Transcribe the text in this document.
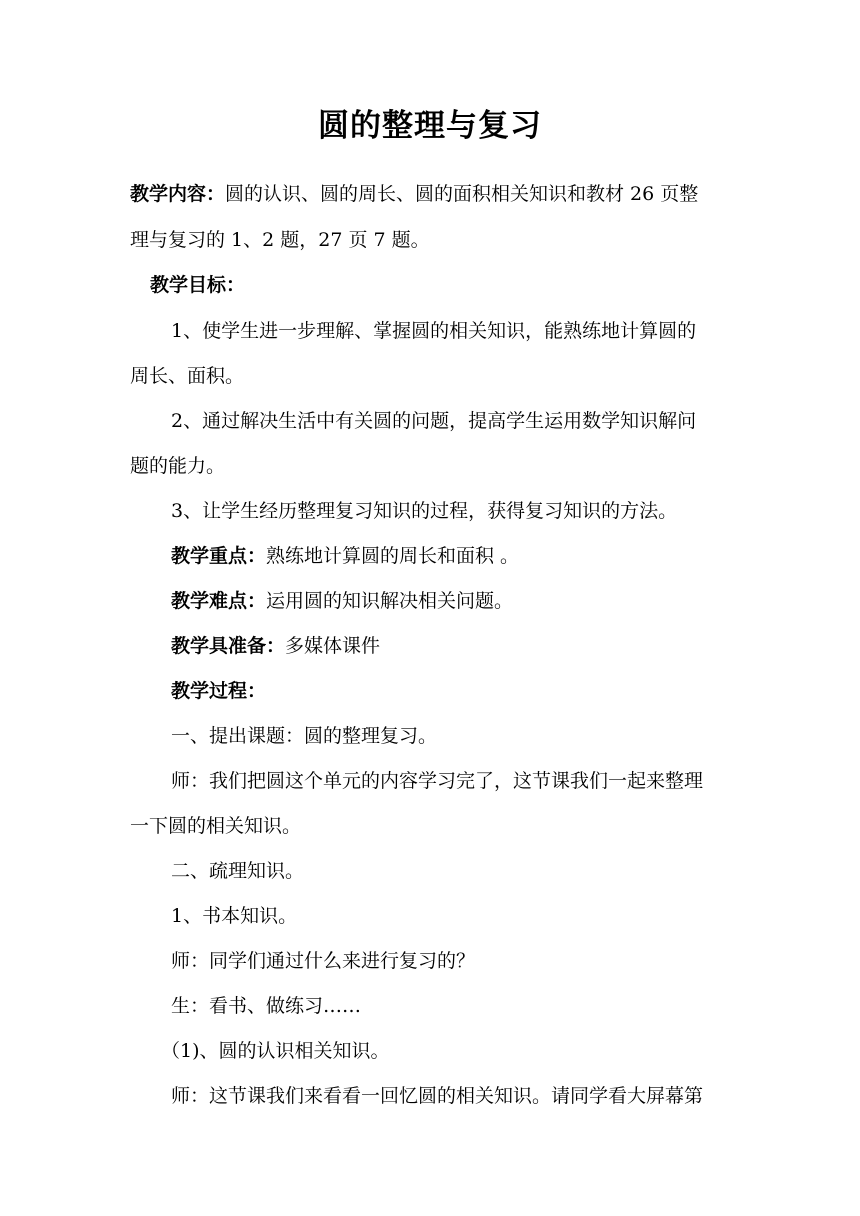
圆的整理与复习
教学内容：圆的认识、圆的周长、圆的面积相关知识和教材 26 页整
理与复习的 1、2 题，27 页 7 题。
教学目标：
1、使学生进一步理解、掌握圆的相关知识，能熟练地计算圆的
周长、面积。
2、通过解决生活中有关圆的问题，提高学生运用数学知识解问
题的能力。
3、让学生经历整理复习知识的过程，获得复习知识的方法。
教学重点：熟练地计算圆的周长和面积 。
教学难点：运用圆的知识解决相关问题。
教学具准备：多媒体课件
教学过程：
一、提出课题：圆的整理复习。
师：我们把圆这个单元的内容学习完了，这节课我们一起来整理
一下圆的相关知识。
二、疏理知识。
1、书本知识。
师：同学们通过什么来进行复习的？
生：看书、做练习……
（1)、圆的认识相关知识。
师：这节课我们来看看一回忆圆的相关知识。请同学看大屏幕第
